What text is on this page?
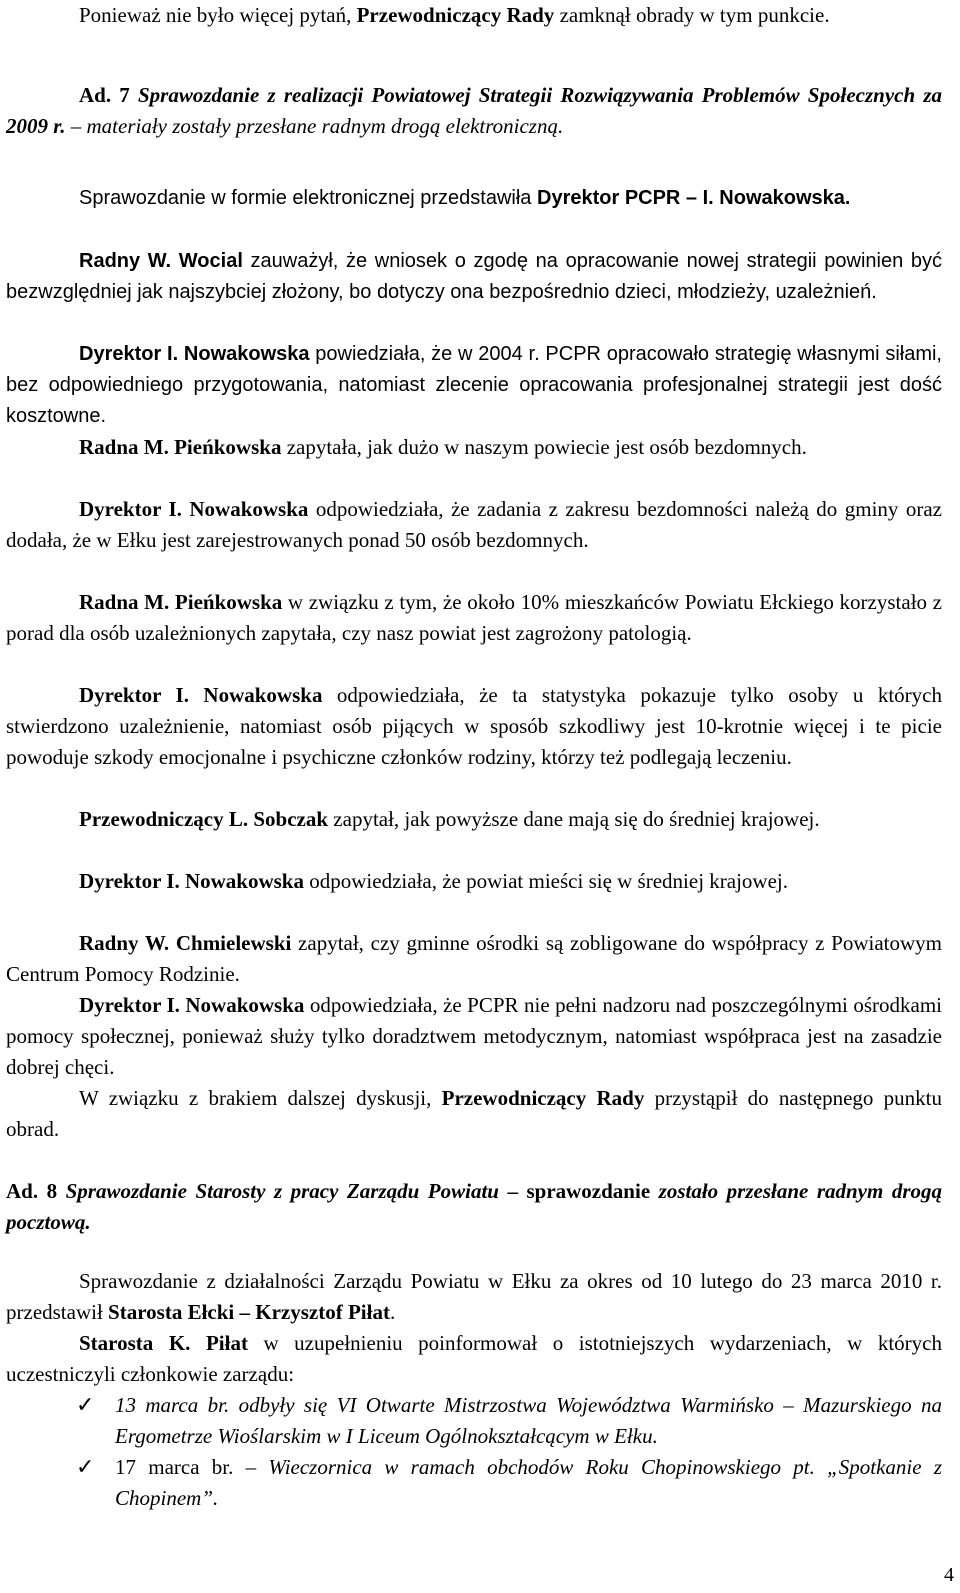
Ponieważ nie było więcej pytań, Przewodniczący Rady zamknął obrady w tym punkcie.

Ad. 7 Sprawozdanie z realizacji Powiatowej Strategii Rozwiązywania Problemów Społecznych za 2009 r. – materiały zostały przesłane radnym drogą elektroniczną.

Sprawozdanie w formie elektronicznej przedstawiła Dyrektor PCPR – I. Nowakowska.

Radny W. Wocial zauważył, że wniosek o zgodę na opracowanie nowej strategii powinien być bezwzględniej jak najszybciej złożony, bo dotyczy ona bezpośrednio dzieci, młodzieży, uzależnień.

Dyrektor I. Nowakowska powiedziała, że w 2004 r. PCPR opracowało strategię własnymi siłami, bez odpowiedniego przygotowania, natomiast zlecenie opracowania profesjonalnej strategii jest dość kosztowne.

Radna M. Pieńkowska zapytała, jak dużo w naszym powiecie jest osób bezdomnych.

Dyrektor I. Nowakowska odpowiedziała, że zadania z zakresu bezdomności należą do gminy oraz dodała, że w Ełku jest zarejestrowanych ponad 50 osób bezdomnych.

Radna M. Pieńkowska w związku z tym, że około 10% mieszkańców Powiatu Ełckiego korzystało z porad dla osób uzależnionych zapytała, czy nasz powiat jest zagrożony patologią.

Dyrektor I. Nowakowska odpowiedziała, że ta statystyka pokazuje tylko osoby u których stwierdzono uzależnienie, natomiast osób pijących w sposób szkodliwy jest 10-krotnie więcej i te picie powoduje szkody emocjonalne i psychiczne członków rodziny, którzy też podlegają leczeniu.

Przewodniczący L. Sobczak zapytał, jak powyższe dane mają się do średniej krajowej.

Dyrektor I. Nowakowska odpowiedziała, że powiat mieści się w średniej krajowej.

Radny W. Chmielewski zapytał, czy gminne ośrodki są zobligowane do współpracy z Powiatowym Centrum Pomocy Rodzinie.

Dyrektor I. Nowakowska odpowiedziała, że PCPR nie pełni nadzoru nad poszczególnymi ośrodkami pomocy społecznej, ponieważ służy tylko doradztwem metodycznym, natomiast współpraca jest na zasadzie dobrej chęci.

W związku z brakiem dalszej dyskusji, Przewodniczący Rady przystąpił do następnego punktu obrad.

Ad. 8 Sprawozdanie Starosty z pracy Zarządu Powiatu – sprawozdanie zostało przesłane radnym drogą pocztową.

Sprawozdanie z działalności Zarządu Powiatu w Ełku za okres od 10 lutego do 23 marca 2010 r. przedstawił Starosta Ełcki – Krzysztof Piłat.

Starosta K. Piłat w uzupełnieniu poinformował o istotniejszych wydarzeniach, w których uczestniczyli członkowie zarządu:

✓ 13 marca br. odbyły się VI Otwarte Mistrzostwa Województwa Warmińsko – Mazurskiego na Ergometrze Wioślarskim w I Liceum Ogólnokształcącym w Ełku.
✓ 17 marca br. – Wieczornica w ramach obchodów Roku Chopinowskiego pt. „Spotkanie z Chopinem”.
4
